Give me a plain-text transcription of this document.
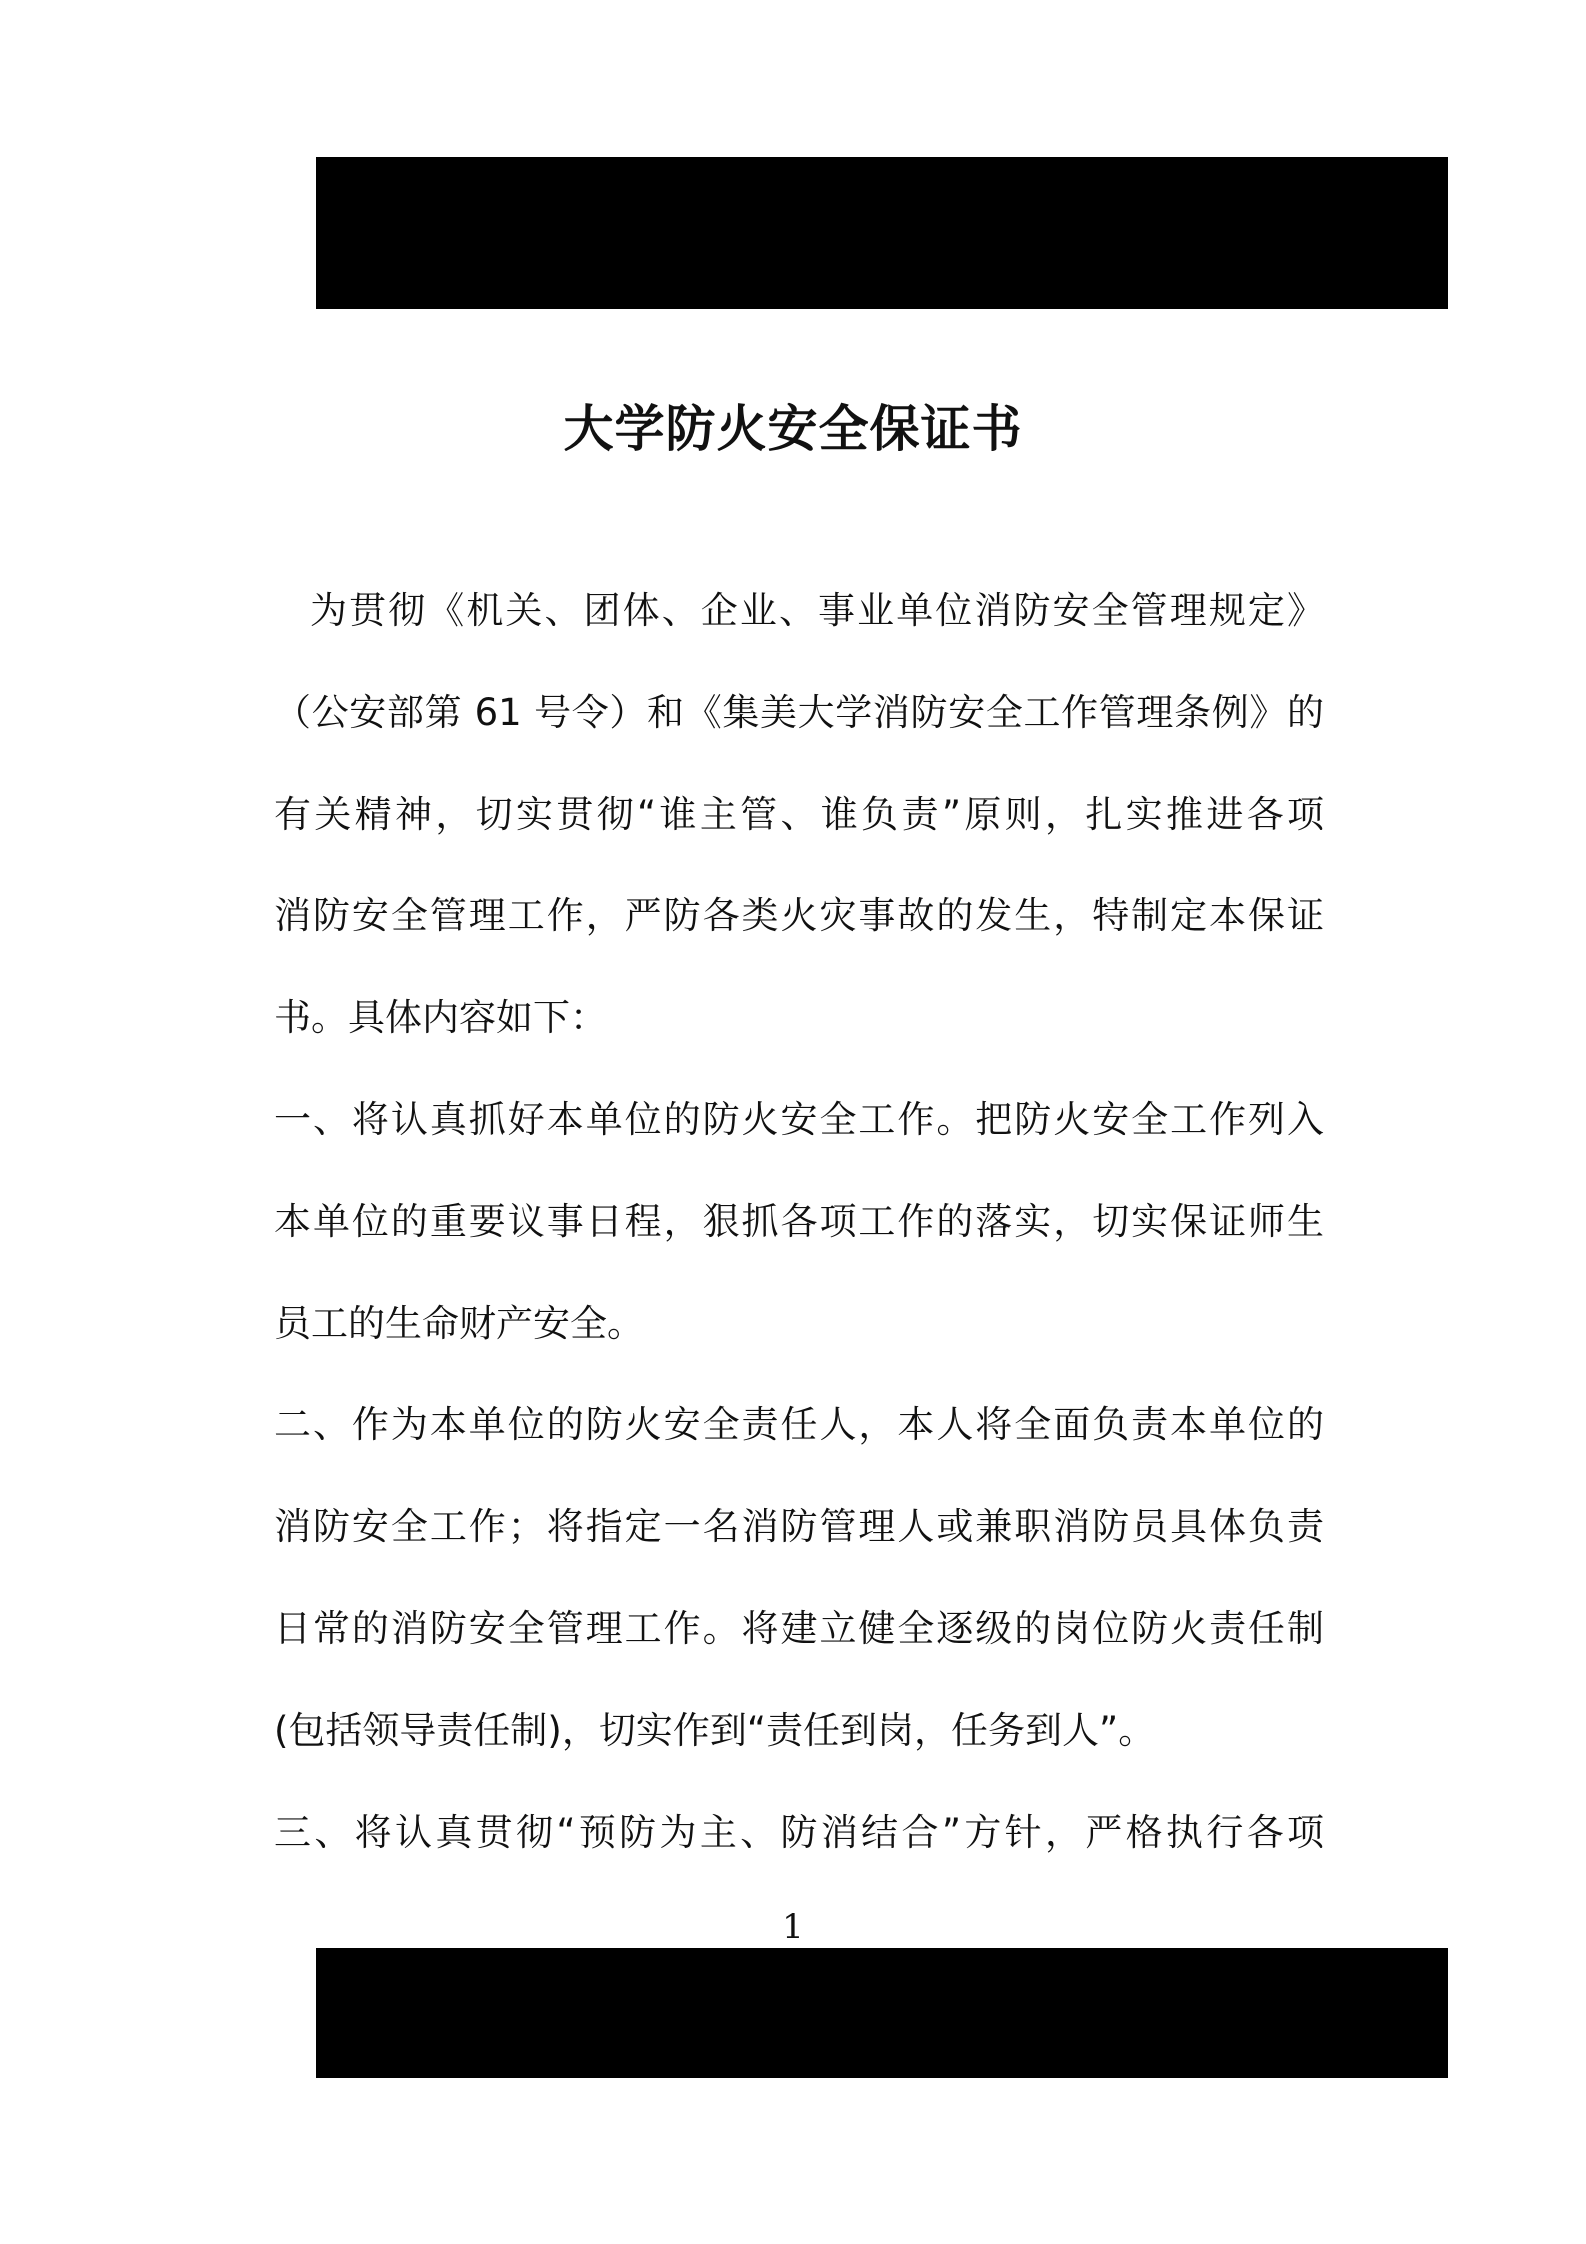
大学防火安全保证书
为贯彻《机关、团体、企业、事业单位消防安全管理规定》
（公安部第 61 号令）和《集美大学消防安全工作管理条例》的
有关精神，切实贯彻“谁主管、谁负责”原则，扎实推进各项
消防安全管理工作，严防各类火灾事故的发生，特制定本保证
书。具体内容如下：
一、将认真抓好本单位的防火安全工作。把防火安全工作列入
本单位的重要议事日程，狠抓各项工作的落实，切实保证师生
员工的生命财产安全。
二、作为本单位的防火安全责任人，本人将全面负责本单位的
消防安全工作；将指定一名消防管理人或兼职消防员具体负责
日常的消防安全管理工作。将建立健全逐级的岗位防火责任制
(包括领导责任制)，切实作到“责任到岗，任务到人”。
三、将认真贯彻“预防为主、防消结合”方针，严格执行各项
1
